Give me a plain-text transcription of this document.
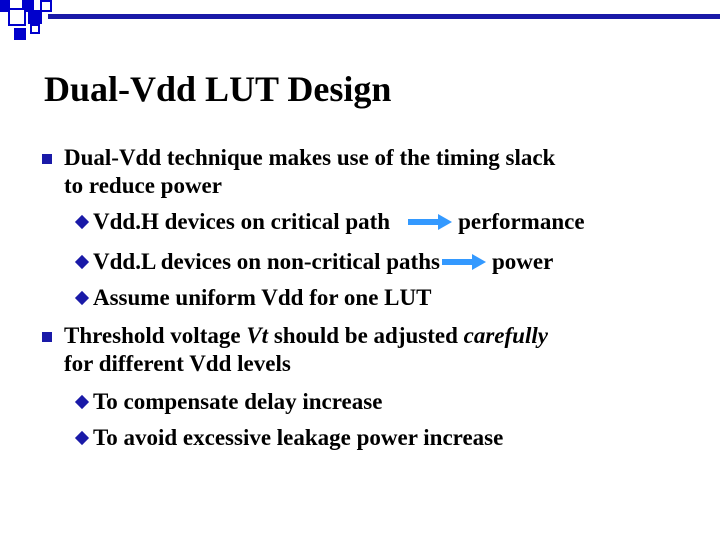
Dual-Vdd LUT Design
Dual-Vdd technique makes use of the timing slack
to reduce power
Vdd.H devices on critical path	performance
Vdd.L devices on non-critical paths power
Assume uniform Vdd for one LUT
Threshold voltage Vt should be adjusted carefully
for different Vdd levels
To compensate delay increase
To avoid excessive leakage power increase
